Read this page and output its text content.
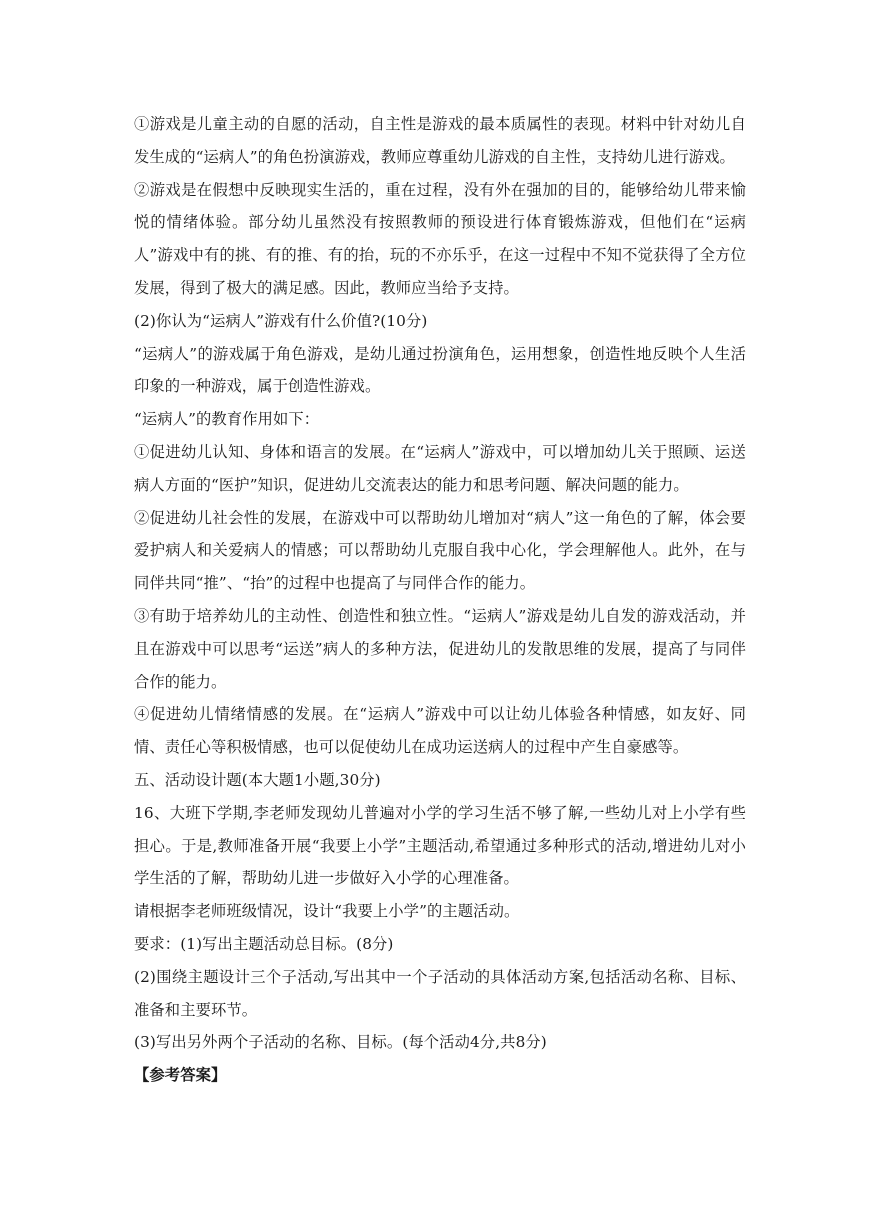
①游戏是儿童主动的自愿的活动，自主性是游戏的最本质属性的表现。材料中针对幼儿自发生成的“运病人”的角色扮演游戏，教师应尊重幼儿游戏的自主性，支持幼儿进行游戏。

②游戏是在假想中反映现实生活的，重在过程，没有外在强加的目的，能够给幼儿带来愉悦的情绪体验。部分幼儿虽然没有按照教师的预设进行体育锻炼游戏，但他们在“运病人”游戏中有的挑、有的推、有的抬，玩的不亦乐乎，在这一过程中不知不觉获得了全方位发展，得到了极大的满足感。因此，教师应当给予支持。

(2)你认为“运病人”游戏有什么价值?(10分)

“运病人”的游戏属于角色游戏，是幼儿通过扮演角色，运用想象，创造性地反映个人生活印象的一种游戏，属于创造性游戏。

“运病人”的教育作用如下：

①促进幼儿认知、身体和语言的发展。在“运病人”游戏中，可以增加幼儿关于照顾、运送病人方面的“医护”知识，促进幼儿交流表达的能力和思考问题、解决问题的能力。

②促进幼儿社会性的发展，在游戏中可以帮助幼儿增加对“病人”这一角色的了解，体会要爱护病人和关爱病人的情感；可以帮助幼儿克服自我中心化，学会理解他人。此外，在与同伴共同“推”、“抬”的过程中也提高了与同伴合作的能力。

③有助于培养幼儿的主动性、创造性和独立性。“运病人”游戏是幼儿自发的游戏活动，并且在游戏中可以思考“运送”病人的多种方法，促进幼儿的发散思维的发展，提高了与同伴合作的能力。

④促进幼儿情绪情感的发展。在“运病人”游戏中可以让幼儿体验各种情感，如友好、同情、责任心等积极情感，也可以促使幼儿在成功运送病人的过程中产生自豪感等。

五、活动设计题(本大题1小题,30分)

16、大班下学期,李老师发现幼儿普遍对小学的学习生活不够了解,一些幼儿对上小学有些担心。于是,教师准备开展“我要上小学”主题活动,希望通过多种形式的活动,增进幼儿对小学生活的了解，帮助幼儿进一步做好入小学的心理准备。

请根据李老师班级情况，设计“我要上小学”的主题活动。

要求：(1)写出主题活动总目标。(8分)

(2)围绕主题设计三个子活动,写出其中一个子活动的具体活动方案,包括活动名称、目标、准备和主要环节。

(3)写出另外两个子活动的名称、目标。(每个活动4分,共8分)

【参考答案】
